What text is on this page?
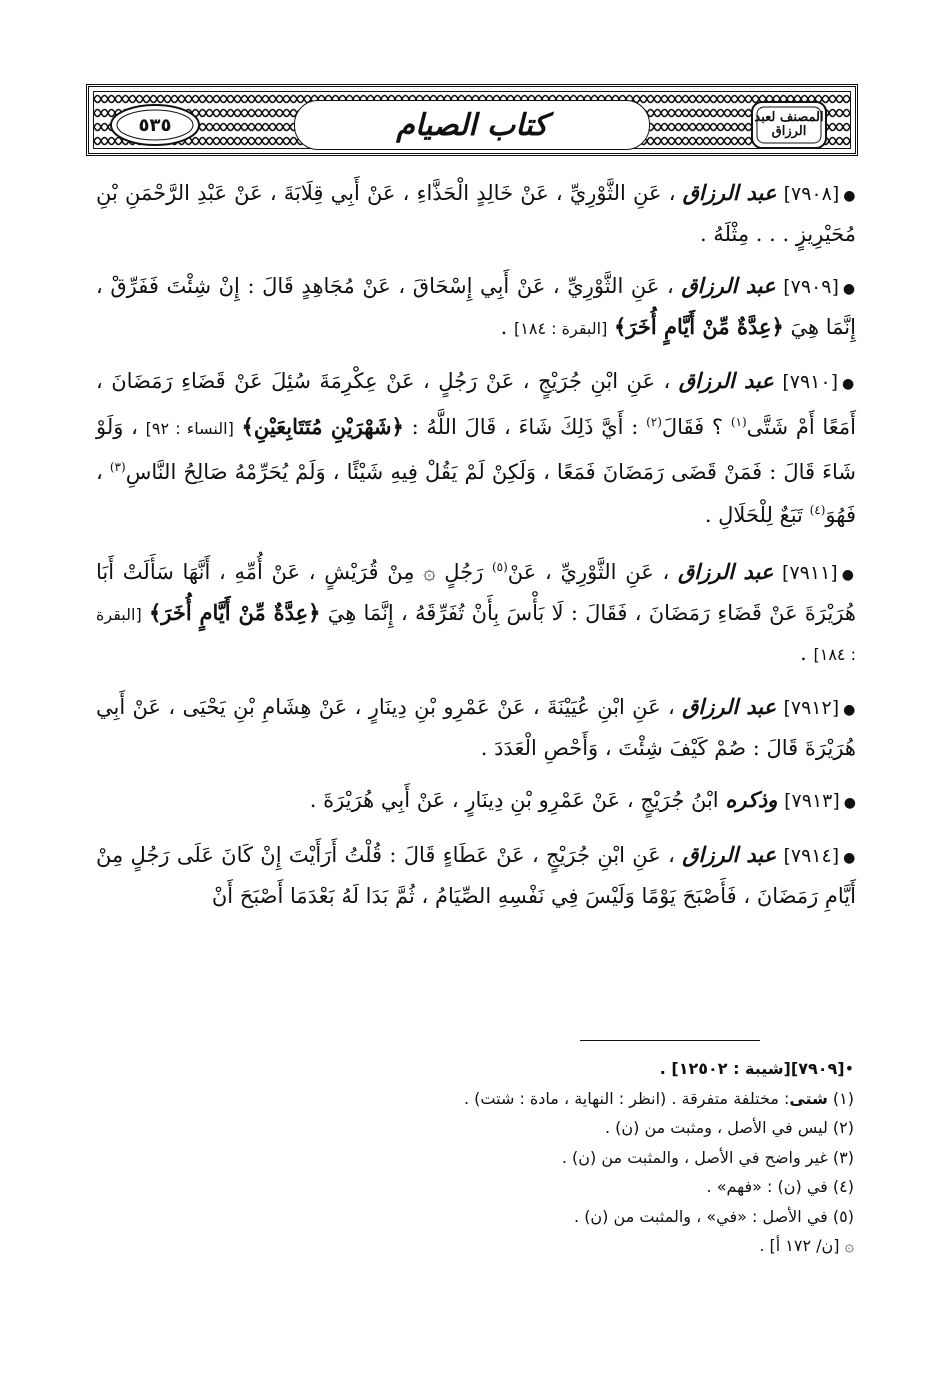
٥٣٥	المصنف لعبد الرزاق
كتاب الصيام

●[٧٩٠٨] عبد الرزاق ، عَنِ الثَّوْرِيِّ ، عَنْ خَالِدٍ الْحَذَّاءِ ، عَنْ أَبِي قِلَابَةَ ، عَنْ عَبْدِ الرَّحْمَنِ بْنِ مُحَيْرِيزٍ . . . مِثْلَهُ .

●[٧٩٠٩] عبد الرزاق ، عَنِ الثَّوْرِيِّ ، عَنْ أَبِي إِسْحَاقَ ، عَنْ مُجَاهِدٍ قَالَ : إِنْ شِئْتَ فَفَرِّقْ ، إِنَّمَا هِيَ ﴿عِدَّةٌ مِّنْ أَيَّامٍ أُخَرَ﴾ [البقرة : ١٨٤] .

●[٧٩١٠] عبد الرزاق ، عَنِ ابْنِ جُرَيْجٍ ، عَنْ رَجُلٍ ، عَنْ عِكْرِمَةَ سُئِلَ عَنْ قَضَاءِ رَمَضَانَ ، أَمَعًا أَمْ شَتَّى$^{(١)}$ ؟ فَقَالَ$^{(٢)}$ : أَيَّ ذَلِكَ شَاءَ ، قَالَ اللَّهُ : ﴿شَهْرَيْنِ مُتَتَابِعَيْنِ﴾ [النساء : ٩٢] ، وَلَوْ شَاءَ قَالَ : فَمَنْ قَضَى رَمَضَانَ فَمَعًا ، وَلَكِنْ لَمْ يَقُلْ فِيهِ شَيْئًا ، وَلَمْ يُحَرِّمْهُ صَالِحُ النَّاسِ$^{(٣)}$ ، فَهُوَ$^{(٤)}$ تَبَعٌ لِلْحَلَالِ .

●[٧٩١١] عبد الرزاق ، عَنِ الثَّوْرِيِّ ، عَنْ$^{(٥)}$ رَجُلٍ ۞ مِنْ قُرَيْشٍ ، عَنْ أُمِّهِ ، أَنَّهَا سَأَلَتْ أَبَا هُرَيْرَةَ عَنْ قَضَاءِ رَمَضَانَ ، فَقَالَ : لَا بَأْسَ بِأَنْ تُفَرِّقَهُ ، إِنَّمَا هِيَ ﴿عِدَّةٌ مِّنْ أَيَّامٍ أُخَرَ﴾ [البقرة : ١٨٤] .

●[٧٩١٢] عبد الرزاق ، عَنِ ابْنِ عُيَيْنَةَ ، عَنْ عَمْرِو بْنِ دِينَارٍ ، عَنْ هِشَامِ بْنِ يَحْيَى ، عَنْ أَبِي هُرَيْرَةَ قَالَ : صُمْ كَيْفَ شِئْتَ ، وَأَحْصِ الْعَدَدَ .

●[٧٩١٣] وذكره ابْنُ جُرَيْجٍ ، عَنْ عَمْرِو بْنِ دِينَارٍ ، عَنْ أَبِي هُرَيْرَةَ .

●[٧٩١٤] عبد الرزاق ، عَنِ ابْنِ جُرَيْجٍ ، عَنْ عَطَاءٍ قَالَ : قُلْتُ أَرَأَيْتَ إِنْ كَانَ عَلَى رَجُلٍ مِنْ أَيَّامِ رَمَضَانَ ، فَأَصْبَحَ يَوْمًا وَلَيْسَ فِي نَفْسِهِ الصِّيَامُ ، ثُمَّ بَدَا لَهُ بَعْدَمَا أَصْبَحَ أَنْ

•[٧٩٠٩][شيبة : ١٢٥٠٢] .

(١) شتى: مختلفة متفرقة . (انظر : النهاية ، مادة : شتت) .

(٢) ليس في الأصل ، ومثبت من (ن) .

(٣) غير واضح في الأصل ، والمثبت من (ن) .

(٤) في (ن) : «فهم» .

(٥) في الأصل : «في» ، والمثبت من (ن) .

۞ [ن/ ١٧٢ أ] .
